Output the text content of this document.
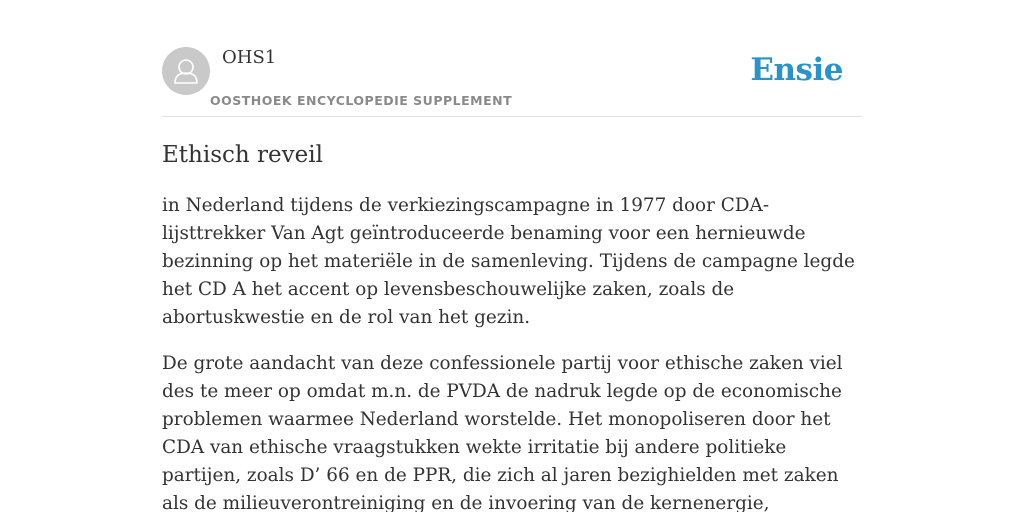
OHS1
OOSTHOEK ENCYCLOPEDIE SUPPLEMENT
Ensie
Ethisch reveil

in Nederland tijdens de verkiezingscampagne in 1977 door CDA-lijsttrekker Van Agt geïntroduceerde benaming voor een hernieuwde bezinning op het materiële in de samenleving. Tijdens de campagne legde het CD A het accent op levensbeschouwelijke zaken, zoals de abortuskwestie en de rol van het gezin.

De grote aandacht van deze confessionele partij voor ethische zaken viel des te meer op omdat m.n. de PVDA de nadruk legde op de economische problemen waarmee Nederland worstelde. Het monopoliseren door het CDA van ethische vraagstukken wekte irritatie bij andere politieke partijen, zoals D’ 66 en de PPR, die zich al jaren bezighielden met zaken als de milieuverontreiniging en de invoering van de kernenergie,
